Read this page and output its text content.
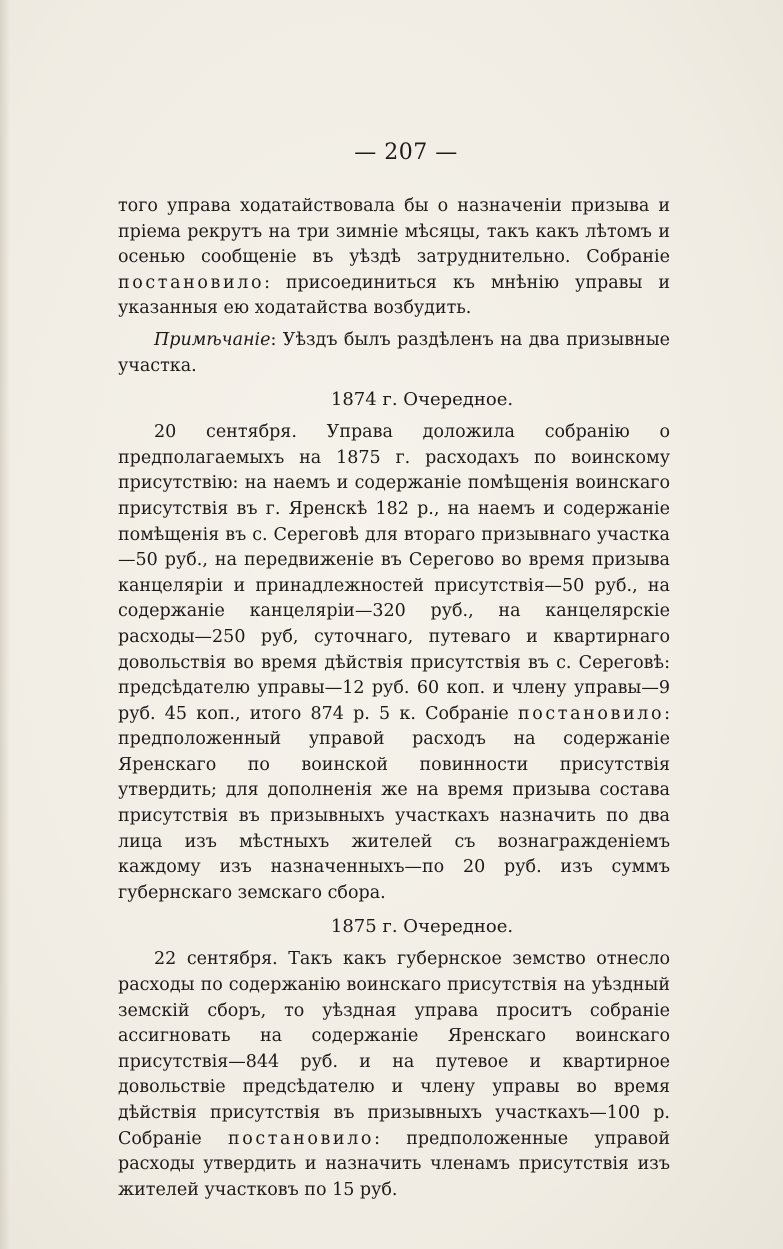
— 207 —

того управа ходатайствовала бы о назначеніи призыва и пріема рекрутъ на три зимніе мѣсяцы, такъ какъ лѣтомъ и осенью сообщеніе въ уѣздѣ затруднительно. Собраніе постановило: присоединиться къ мнѣнію управы и указанныя ею ходатайства возбудить.

Примѣчаніе: Уѣздъ былъ раздѣленъ на два призывные участка.

1874 г. Очередное.

20 сентября. Управа доложила собранію о предполагаемыхъ на 1875 г. расходахъ по воинскому присутствію: на наемъ и содержаніе помѣщенія воинскаго присутствія въ г. Яренскѣ 182 р., на наемъ и содержаніе помѣщенія въ с. Сереговѣ для втораго призывнаго участка—50 руб., на передвиженіе въ Серегово во время призыва канцеляріи и принадлежностей присутствія—50 руб., на содержаніе канцеляріи—320 руб., на канцелярскіе расходы—250 руб, суточнаго, путеваго и квартирнаго довольствія во время дѣйствія присутствія въ с. Сереговѣ: предсѣдателю управы—12 руб. 60 коп. и члену управы—9 руб. 45 коп., итого 874 р. 5 к. Собраніе постановило: предположенный управой расходъ на содержаніе Яренскаго по воинской повинности присутствія утвердить; для дополненія же на время призыва состава присутствія въ призывныхъ участкахъ назначить по два лица изъ мѣстныхъ жителей съ вознагражденіемъ каждому изъ назначенныхъ—по 20 руб. изъ суммъ губернскаго земскаго сбора.

1875 г. Очередное.

22 сентября. Такъ какъ губернское земство отнесло расходы по содержанію воинскаго присутствія на уѣздный земскій сборъ, то уѣздная управа проситъ собраніе ассигновать на содержаніе Яренскаго воинскаго присутствія—844 руб. и на путевое и квартирное довольствіе предсѣдателю и члену управы во время дѣйствія присутствія въ призывныхъ участкахъ—100 р. Собраніе постановило: предположенные управой расходы утвердить и назначить членамъ присутствія изъ жителей участковъ по 15 руб.
